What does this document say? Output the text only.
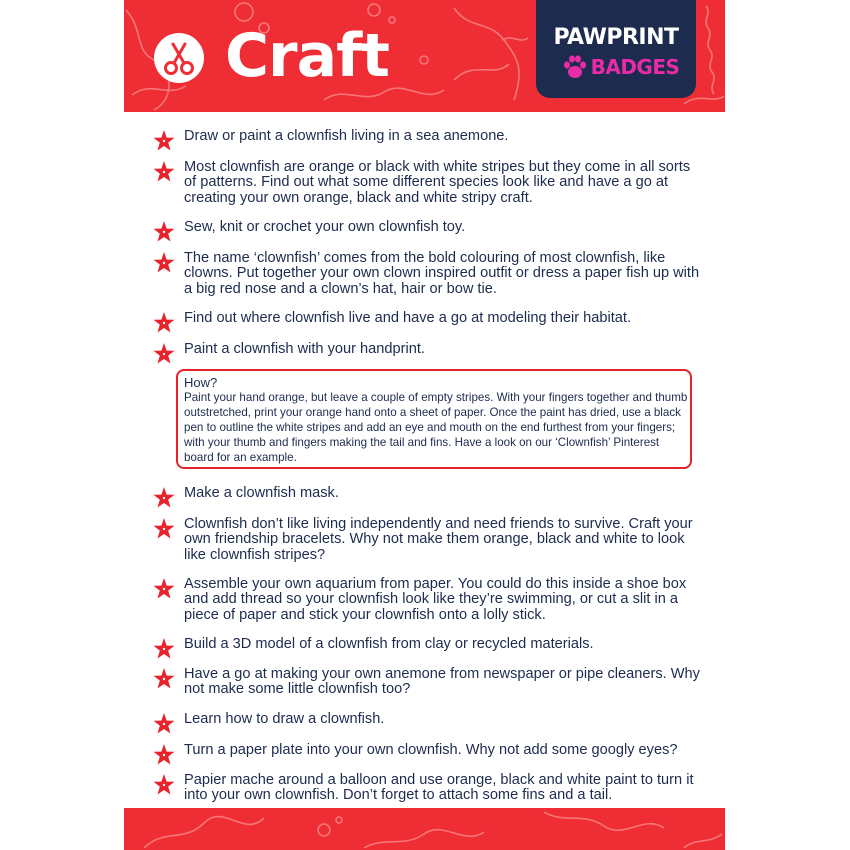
Craft	PAWPRINT
BADGES

Draw or paint a clownfish living in a sea anemone.

Most clownfish are orange or black with white stripes but they come in all sorts of patterns. Find out what some different species look like and have a go at creating your own orange, black and white stripy craft.

Sew, knit or crochet your own clownfish toy.

The name ‘clownfish’ comes from the bold colouring of most clownfish, like clowns. Put together your own clown inspired outfit or dress a paper fish up with a big red nose and a clown’s hat, hair or bow tie.

Find out where clownfish live and have a go at modeling their habitat.

Paint a clownfish with your handprint.

How?
Paint your hand orange, but leave a couple of empty stripes. With your fingers together and thumb outstretched, print your orange hand onto a sheet of paper. Once the paint has dried, use a black pen to outline the white stripes and add an eye and mouth on the end furthest from your fingers; with your thumb and fingers making the tail and fins. Have a look on our ‘Clownfish’ Pinterest board for an example.

Make a clownfish mask.

Clownfish don’t like living independently and need friends to survive. Craft your own friendship bracelets. Why not make them orange, black and white to look like clownfish stripes?

Assemble your own aquarium from paper. You could do this inside a shoe box and add thread so your clownfish look like they’re swimming, or cut a slit in a piece of paper and stick your clownfish onto a lolly stick.

Build a 3D model of a clownfish from clay or recycled materials.

Have a go at making your own anemone from newspaper or pipe cleaners. Why not make some little clownfish too?

Learn how to draw a clownfish.

Turn a paper plate into your own clownfish. Why not add some googly eyes?

Papier mache around a balloon and use orange, black and white paint to turn it into your own clownfish. Don’t forget to attach some fins and a tail.
